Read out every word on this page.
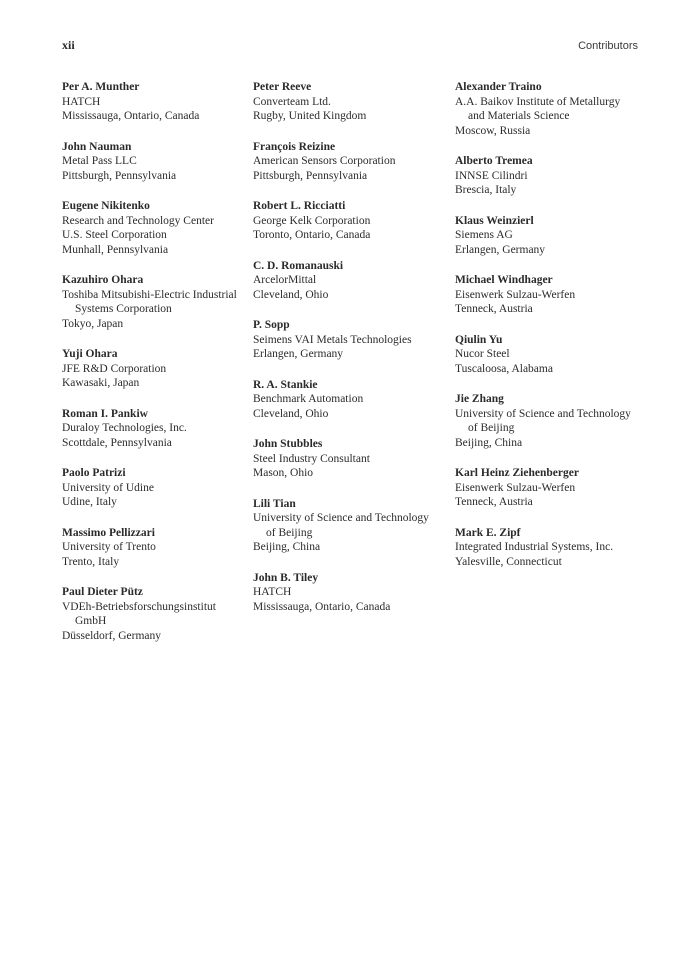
xii	Contributors
Per A. Munther
HATCH
Mississauga, Ontario, Canada
John Nauman
Metal Pass LLC
Pittsburgh, Pennsylvania
Eugene Nikitenko
Research and Technology Center
U.S. Steel Corporation
Munhall, Pennsylvania
Kazuhiro Ohara
Toshiba Mitsubishi-Electric Industrial
Systems Corporation
Tokyo, Japan
Yuji Ohara
JFE R&D Corporation
Kawasaki, Japan
Roman I. Pankiw
Duraloy Technologies, Inc.
Scottdale, Pennsylvania
Paolo Patrizi
University of Udine
Udine, Italy
Massimo Pellizzari
University of Trento
Trento, Italy
Paul Dieter Pütz
VDEh-Betriebsforschungsinstitut
GmbH
Düsseldorf, Germany
Peter Reeve
Converteam Ltd.
Rugby, United Kingdom
François Reizine
American Sensors Corporation
Pittsburgh, Pennsylvania
Robert L. Ricciatti
George Kelk Corporation
Toronto, Ontario, Canada
C. D. Romanauski
ArcelorMittal
Cleveland, Ohio
P. Sopp
Seimens VAI Metals Technologies
Erlangen, Germany
R. A. Stankie
Benchmark Automation
Cleveland, Ohio
John Stubbles
Steel Industry Consultant
Mason, Ohio
Lili Tian
University of Science and Technology
of Beijing
Beijing, China
John B. Tiley
HATCH
Mississauga, Ontario, Canada
Alexander Traino
A.A. Baikov Institute of Metallurgy
and Materials Science
Moscow, Russia
Alberto Tremea
INNSE Cilindri
Brescia, Italy
Klaus Weinzierl
Siemens AG
Erlangen, Germany
Michael Windhager
Eisenwerk Sulzau-Werfen
Tenneck, Austria
Qiulin Yu
Nucor Steel
Tuscaloosa, Alabama
Jie Zhang
University of Science and Technology
of Beijing
Beijing, China
Karl Heinz Ziehenberger
Eisenwerk Sulzau-Werfen
Tenneck, Austria
Mark E. Zipf
Integrated Industrial Systems, Inc.
Yalesville, Connecticut
